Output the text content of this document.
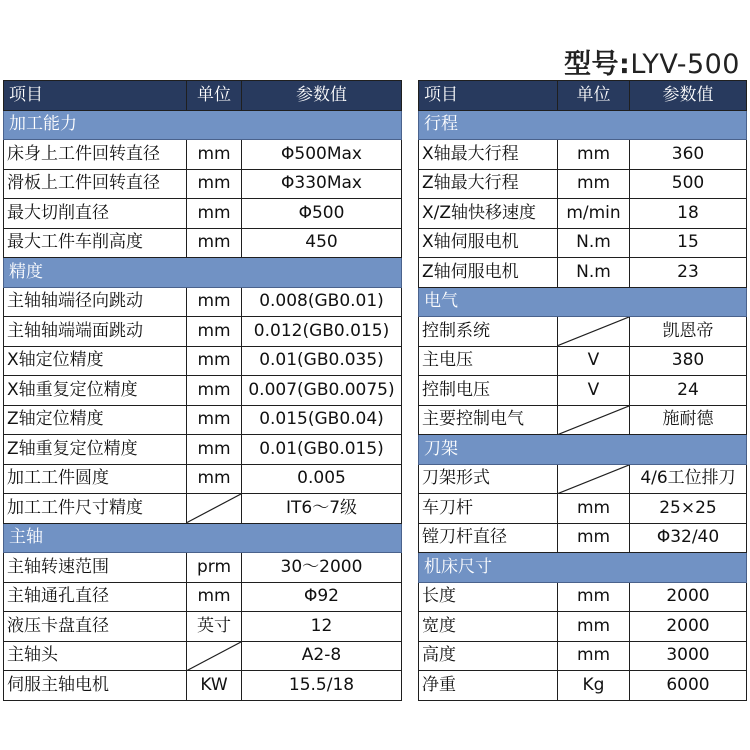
型号:LYV-500
项目	单位	参数值
加工能力		
床身上工件回转直径	mm	Φ500Max
滑板上工件回转直径	mm	Φ330Max
最大切削直径	mm	Φ500
最大工件车削高度	mm	450
精度		
主轴轴端径向跳动	mm	0.008(GB0.01)
主轴轴端端面跳动	mm	0.012(GB0.015)
X轴定位精度	mm	0.01(GB0.035)
X轴重复定位精度	mm	0.007(GB0.0075)
Z轴定位精度	mm	0.015(GB0.04)
Z轴重复定位精度	mm	0.01(GB0.015)
加工工件圆度	mm	0.005
加工工件尺寸精度		IT6～7级
主轴		
主轴转速范围	prm	30～2000
主轴通孔直径	mm	Φ92
液压卡盘直径	英寸	12
主轴头		A2-8
伺服主轴电机	KW	15.5/18
项目	单位	参数值
行程		
X轴最大行程	mm	360
Z轴最大行程	mm	500
X/Z轴快移速度	m/min	18
X轴伺服电机	N.m	15
Z轴伺服电机	N.m	23
电气		
控制系统		凯恩帝
主电压	V	380
控制电压	V	24
主要控制电气		施耐德
刀架		
刀架形式		4/6工位排刀
车刀杆	mm	25×25
镗刀杆直径	mm	Φ32/40
机床尺寸		
长度	mm	2000
宽度	mm	2000
高度	mm	3000
净重	Kg	6000
